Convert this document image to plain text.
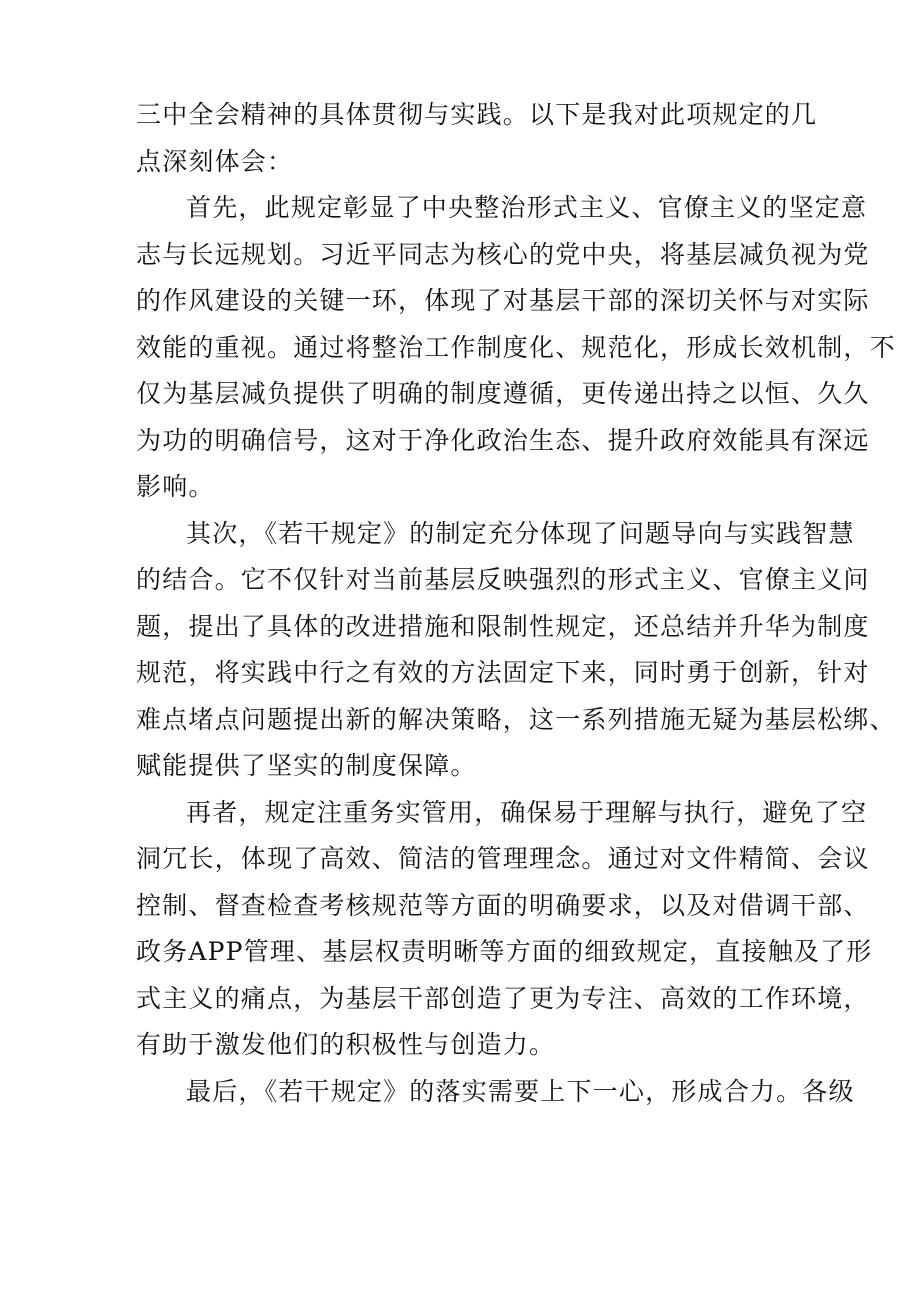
三中全会精神的具体贯彻与实践。以下是我对此项规定的几
点深刻体会：
首先，此规定彰显了中央整治形式主义、官僚主义的坚定意
志与长远规划。习近平同志为核心的党中央，将基层减负视为党
的作风建设的关键一环，体现了对基层干部的深切关怀与对实际
效能的重视。通过将整治工作制度化、规范化，形成长效机制，不
仅为基层减负提供了明确的制度遵循，更传递出持之以恒、久久
为功的明确信号，这对于净化政治生态、提升政府效能具有深远
影响。
其次，《若干规定》的制定充分体现了问题导向与实践智慧
的结合。它不仅针对当前基层反映强烈的形式主义、官僚主义问
题，提出了具体的改进措施和限制性规定，还总结并升华为制度
规范，将实践中行之有效的方法固定下来，同时勇于创新，针对
难点堵点问题提出新的解决策略，这一系列措施无疑为基层松绑、
赋能提供了坚实的制度保障。
再者，规定注重务实管用，确保易于理解与执行，避免了空
洞冗长，体现了高效、简洁的管理理念。通过对文件精简、会议
控制、督查检查考核规范等方面的明确要求，以及对借调干部、
政务APP管理、基层权责明晰等方面的细致规定，直接触及了形
式主义的痛点，为基层干部创造了更为专注、高效的工作环境，
有助于激发他们的积极性与创造力。
最后，《若干规定》的落实需要上下一心，形成合力。各级
